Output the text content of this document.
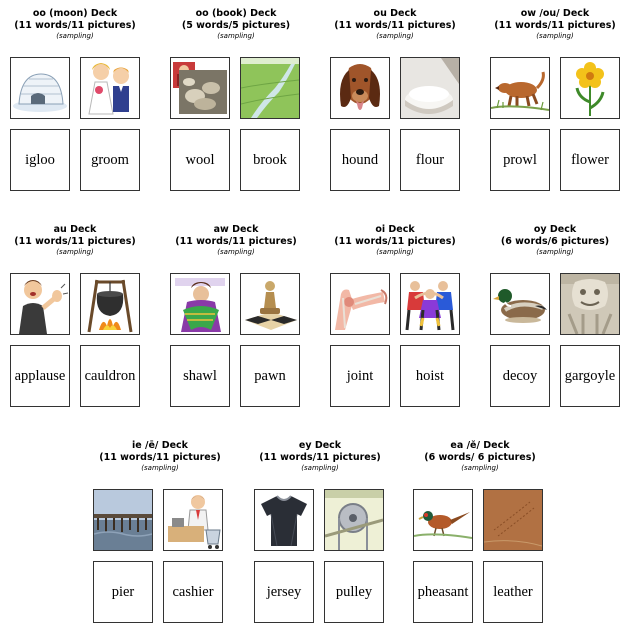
oo (moon) Deck
(11 words/11 pictures)
(sampling)
oo (book) Deck
(5 words/5 pictures)
(sampling)
ou Deck
(11 words/11 pictures)
(sampling)
ow /ou/ Deck
(11 words/11 pictures)
(sampling)
au Deck
(11 words/11 pictures)
(sampling)
aw Deck
(11 words/11 pictures)
(sampling)
oi Deck
(11 words/11 pictures)
(sampling)
oy Deck
(6 words/6 pictures)
(sampling)
ie /ē/ Deck
(11 words/11 pictures)
(sampling)
ey Deck
(11 words/11 pictures)
(sampling)
ea /ĕ/ Deck
(6 words/ 6 pictures)
(sampling)
igloo	groom	wool	brook	hound	flour	prowl	flower
applause	cauldron	shawl	pawn	joint	hoist	decoy	gargoyle
pier	cashier	jersey	pulley	pheasant	leather
